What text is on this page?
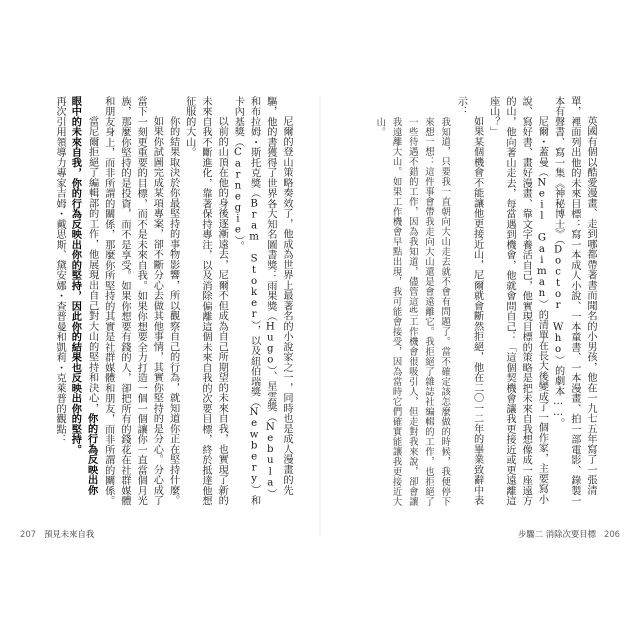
尼爾的登山策略奏效了，他成為世界上最著名的小說家之一，同時也是成人漫畫的先驅，他的書獲得了世界各大知名圖書獎：雨果獎（Hugo）、星雲獎（Nebula）和布拉姆・斯托克獎（Bram Stoker），以及紐伯瑞獎（Newbery）和卡內基獎（Carnegie）。

以前的山頂在他的身後逐漸遠去，尼爾不但成為自己所期望的未來自我，也實現了新的未來自我不斷進化，靠著保持專注，以及消除偏離這個未來自我的次要目標，終於抵達他想征服的大山。

你的結果取決於你最堅持的事物影響，所以觀察自己的行為，就知道你正在堅持什麼。

如果你試圖完成某項專案，卻不斷分心去做其他事情，其實你堅持的是分心。分心成了當下一刻更重要的目標，而不是未來自我。如果你想要全力打造一個一個讓你一直當個月光族，那麼你堅持的是投資，而不是享受。如果你想要有錢的人，卻把所有的錢花在社群媒體和朋友身上，而非所謂的關係，那麼你所堅持的其實是社群媒體和朋友，而非所謂的關係。

當尼爾拒絕了編輯部的工作，他展現出自己對大山的堅持和決心，你的行為反映出你

眼中的未來自我，你的行為反映出你的堅持，因此你的結果也反映出你的堅持。

再次引用領導力專家吉姆・戴思斯、黛安娜・查普曼和凱莉・克萊普的觀點：

207 預見未來自我

英國有個以酷愛漫畫、走到哪都帶著書而聞名的小男孩，他在一九七五年寫了一張清單，裡面列出他的未來目標：寫一本成人小說、一本童書、一本漫畫、拍一部電影、錄製一本有聲書、寫一集《神秘博士》（Doctor Who）的劇本……。

尼爾・蓋曼（Neil Gaiman）的清單在長大後變成了一個作家，主要寫小說、寫好書、畫好漫畫、靠文字養活自己，他實現目標的策略是把未來自我想像成一座遠方的山，他向著山走去，每當遇到機會，他就會問自己：「這個契機會讓我更接近或更遠離這座山？」

如果某個機會不能讓他更接近山，尼爾就會斷然拒絕，他在二〇一二年的畢業致辭中表示：

我知道，只要我一直朝向大山走去就不會有問題了。當不確定該怎麼做的時候，我便停下來想一想：這件事會帶我走向大山還是會遠離它。我拒絕了雜誌社編輯的工作，也拒絕了一些待遇不錯的工作，因為我知道，儘管這些工作機會很吸引人，但走對我來說，卻會讓我遠離大山。如果工作機會早點出現，我可能會接受，因為當時它們確實能讓我更接近大山。

步驟二 消除次要目標 206
